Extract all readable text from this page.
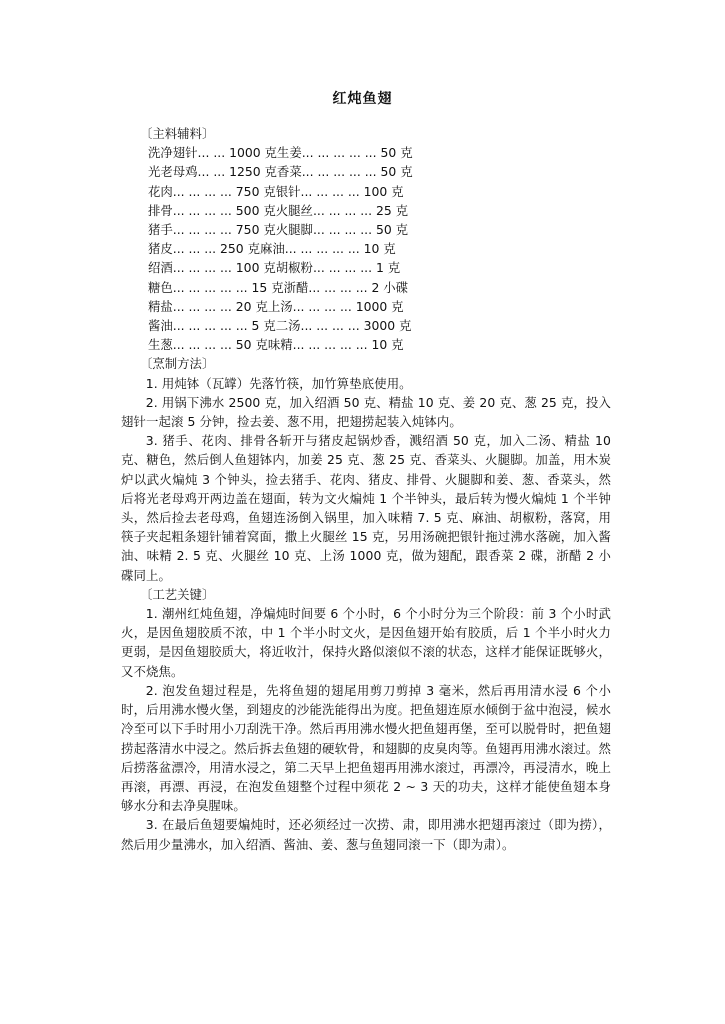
红炖鱼翅
〔主料辅料〕
洗净翅针... ... 1000 克生姜... ... ... ... ... 50 克
光老母鸡... ... 1250 克香菜... ... ... ... ... 50 克
花肉... ... ... ... 750 克银针... ... ... ... 100 克
排骨... ... ... ... 500 克火腿丝... ... ... ... 25 克
猪手... ... ... ... 750 克火腿脚... ... ... ... 50 克
猪皮... ... ... 250 克麻油... ... ... ... ... 10 克
绍酒... ... ... ... 100 克胡椒粉... ... ... ... 1 克
糖色... ... ... ... ... 15 克浙醋... ... ... ... 2 小碟
精盐... ... ... ... 20 克上汤... ... ... ... 1000 克
酱油... ... ... ... ... 5 克二汤... ... ... ... 3000 克
生葱... ... ... ... 50 克味精... ... ... ... ... 10 克
〔烹制方法〕

1. 用炖钵（瓦罉）先落竹筷，加竹箅垫底使用。

2. 用锅下沸水 2500 克，加入绍酒 50 克、精盐 10 克、姜 20 克、葱 25 克，投入翅针一起滚 5 分钟，捡去姜、葱不用，把翅捞起装入炖钵内。

3. 猪手、花肉、排骨各斩开与猪皮起锅炒香，溅绍酒 50 克，加入二汤、精盐 10 克、糖色，然后倒人鱼翅钵内，加姜 25 克、葱 25 克、香菜头、火腿脚。加盖，用木炭炉以武火煸炖 3 个钟头，捡去猪手、花肉、猪皮、排骨、火腿脚和姜、葱、香菜头，然后将光老母鸡开两边盖在翅面，转为文火煸炖 1 个半钟头，最后转为慢火煸炖 1 个半钟头，然后捡去老母鸡，鱼翅连汤倒入锅里，加入味精 7. 5 克、麻油、胡椒粉，落窝，用筷子夹起粗条翅针铺着窝面，撒上火腿丝 15 克，另用汤碗把银针拖过沸水落碗，加入酱油、味精 2. 5 克、火腿丝 10 克、上汤 1000 克，做为翅配，跟香菜 2 碟，浙醋 2 小碟同上。

〔工艺关键〕

1. 潮州红炖鱼翅，净煸炖时间要 6 个小时，6 个小时分为三个阶段：前 3 个小时武火，是因鱼翅胶质不浓，中 1 个半小时文火，是因鱼翅开始有胶质，后 1 个半小时火力更弱，是因鱼翅胶质大，将近收汁，保持火路似滚似不滚的状态，这样才能保证既够火，又不烧焦。

2. 泡发鱼翅过程是，先将鱼翅的翅尾用剪刀剪掉 3 毫米，然后再用清水浸 6 个小时，后用沸水慢火堡，到翅皮的沙能洗能得出为度。把鱼翅连原水倾倒于盆中泡浸，候水冷至可以下手时用小刀刮洗干净。然后再用沸水慢火把鱼翅再堡，至可以脱骨时，把鱼翅捞起落清水中浸之。然后拆去鱼翅的硬软骨，和翅脚的皮臭肉等。鱼翅再用沸水滚过。然后捞落盆漂冷，用清水浸之，第二天早上把鱼翅再用沸水滚过，再漂冷，再浸清水，晚上再滚，再漂、再浸，在泡发鱼翅整个过程中须花 2 ~ 3 天的功夫，这样才能使鱼翅本身够水分和去净臭腥味。

3. 在最后鱼翅要煸炖时，还必须经过一次捞、肃，即用沸水把翅再滚过（即为捞），然后用少量沸水，加入绍酒、酱油、姜、葱与鱼翅同滚一下（即为肃）。
